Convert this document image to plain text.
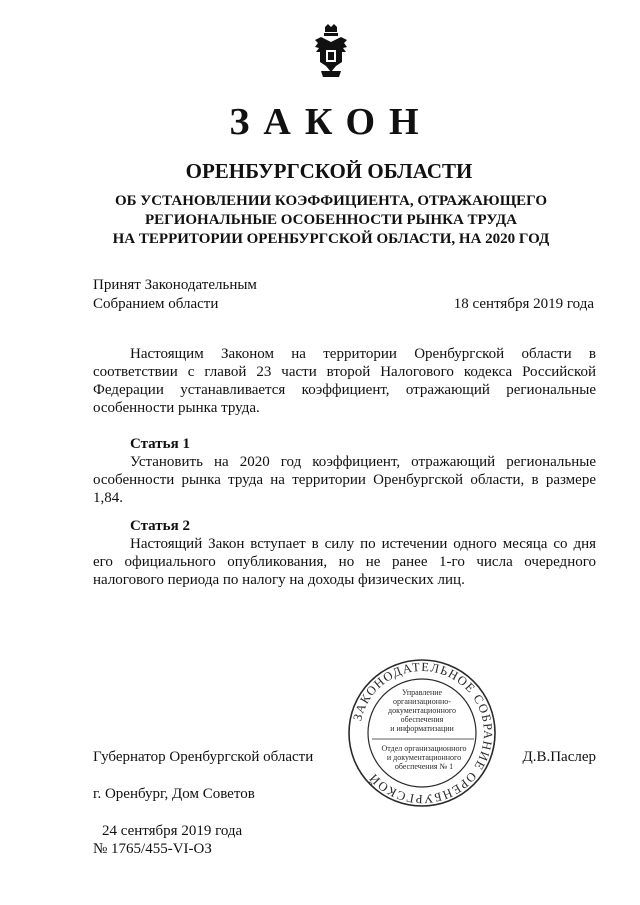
ЗАКОН
ОРЕНБУРГСКОЙ ОБЛАСТИ
ОБ УСТАНОВЛЕНИИ КОЭФФИЦИЕНТА, ОТРАЖАЮЩЕГО
РЕГИОНАЛЬНЫЕ ОСОБЕННОСТИ РЫНКА ТРУДА
НА ТЕРРИТОРИИ ОРЕНБУРГСКОЙ ОБЛАСТИ, НА 2020 ГОД
Принят Законодательным
Собранием области	18 сентября 2019 года

Настоящим Законом на территории Оренбургской области в соответствии с главой 23 части второй Налогового кодекса Российской Федерации устанавливается коэффициент, отражающий региональные особенности рынка труда.

Статья 1

Установить на 2020 год коэффициент, отражающий региональные особенности рынка труда на территории Оренбургской области, в размере 1,84.

Статья 2

Настоящий Закон вступает в силу по истечении одного месяца со дня его официального опубликования, но не ранее 1-го числа очередного налогового периода по налогу на доходы физических лиц.

ЗАКОНОДАТЕЛЬНОЕ СОБРАНИЕ ОРЕНБУРГСКОЙ
Управление
организационно-
документационного
обеспечения
и информатизации
Отдел организационного
и документационного
обеспечения № 1
Губернатор Оренбургской области	Д.В.Паслер
г. Оренбург, Дом Советов
24 сентября 2019 года
№ 1765/455-VI-ОЗ
